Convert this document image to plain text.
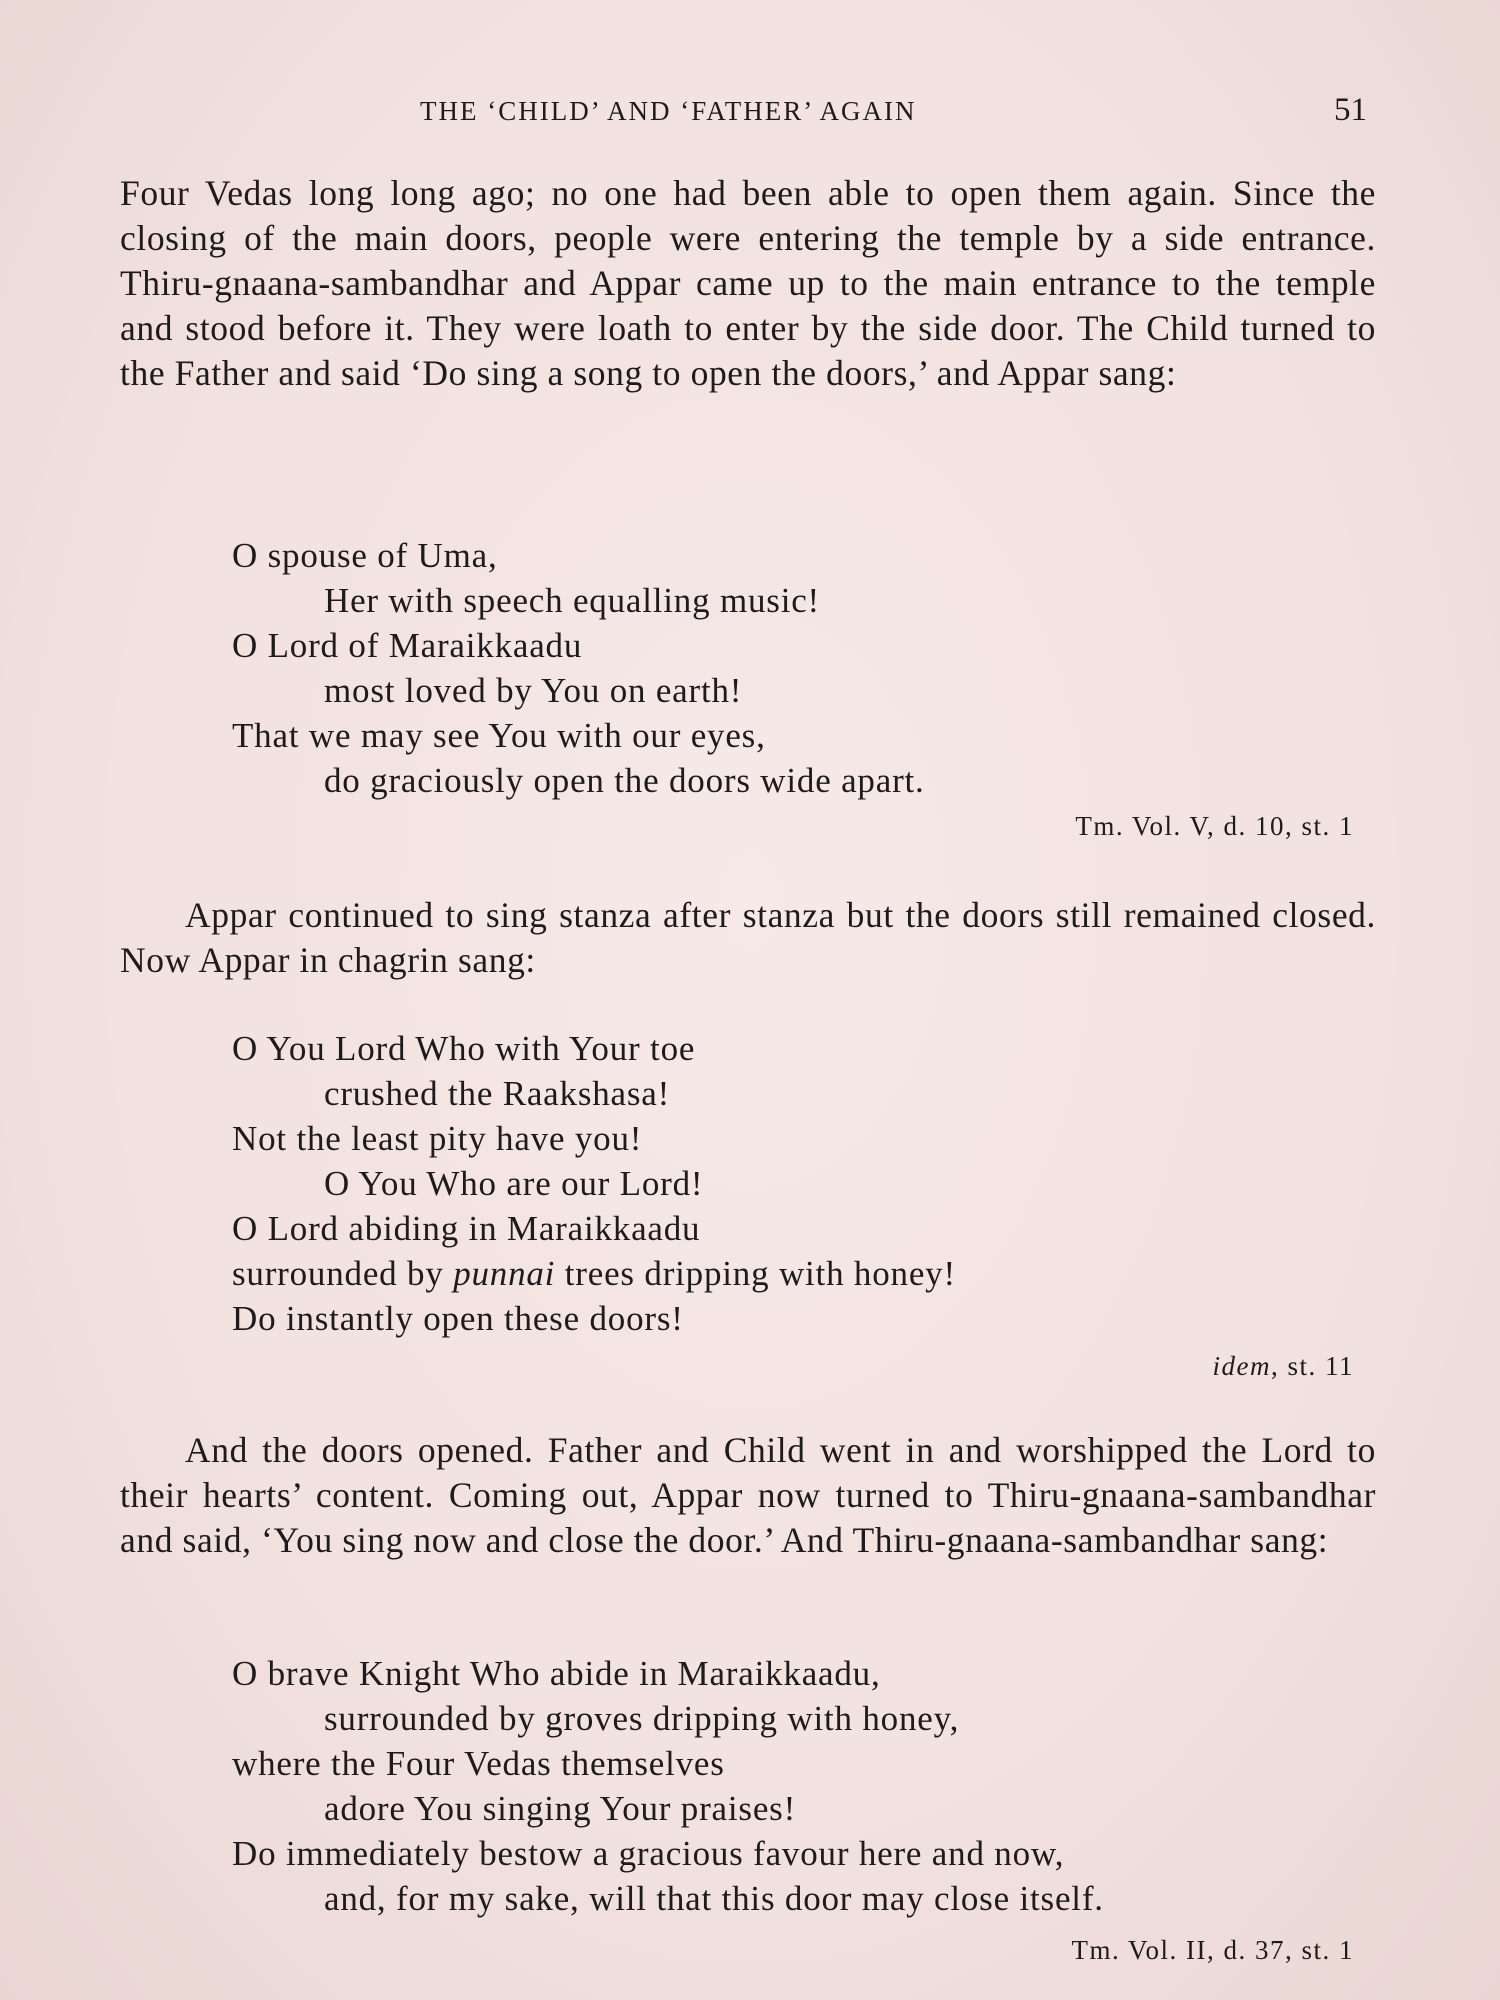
THE ‘CHILD’ AND ‘FATHER’ AGAIN	51

Four Vedas long long ago; no one had been able to open them again. Since the closing of the main doors, people were entering the temple by a side entrance. Thiru-gnaana-sambandhar and Appar came up to the main entrance to the temple and stood before it. They were loath to enter by the side door. The Child turned to the Father and said ‘Do sing a song to open the doors,’ and Appar sang:

O spouse of Uma,
Her with speech equalling music!
O Lord of Maraikkaadu
most loved by You on earth!
That we may see You with our eyes,
do graciously open the doors wide apart.
Tm. Vol. V, d. 10, st. 1

Appar continued to sing stanza after stanza but the doors still remained closed. Now Appar in chagrin sang:

O You Lord Who with Your toe
crushed the Raakshasa!
Not the least pity have you!
O You Who are our Lord!
O Lord abiding in Maraikkaadu
surrounded by punnai trees dripping with honey!
Do instantly open these doors!
idem, st. 11

And the doors opened. Father and Child went in and worshipped the Lord to their hearts’ content. Coming out, Appar now turned to Thiru-gnaana-sambandhar and said, ‘You sing now and close the door.’ And Thiru-gnaana-sambandhar sang:

O brave Knight Who abide in Maraikkaadu,
surrounded by groves dripping with honey,
where the Four Vedas themselves
adore You singing Your praises!
Do immediately bestow a gracious favour here and now,
and, for my sake, will that this door may close itself.
Tm. Vol. II, d. 37, st. 1
